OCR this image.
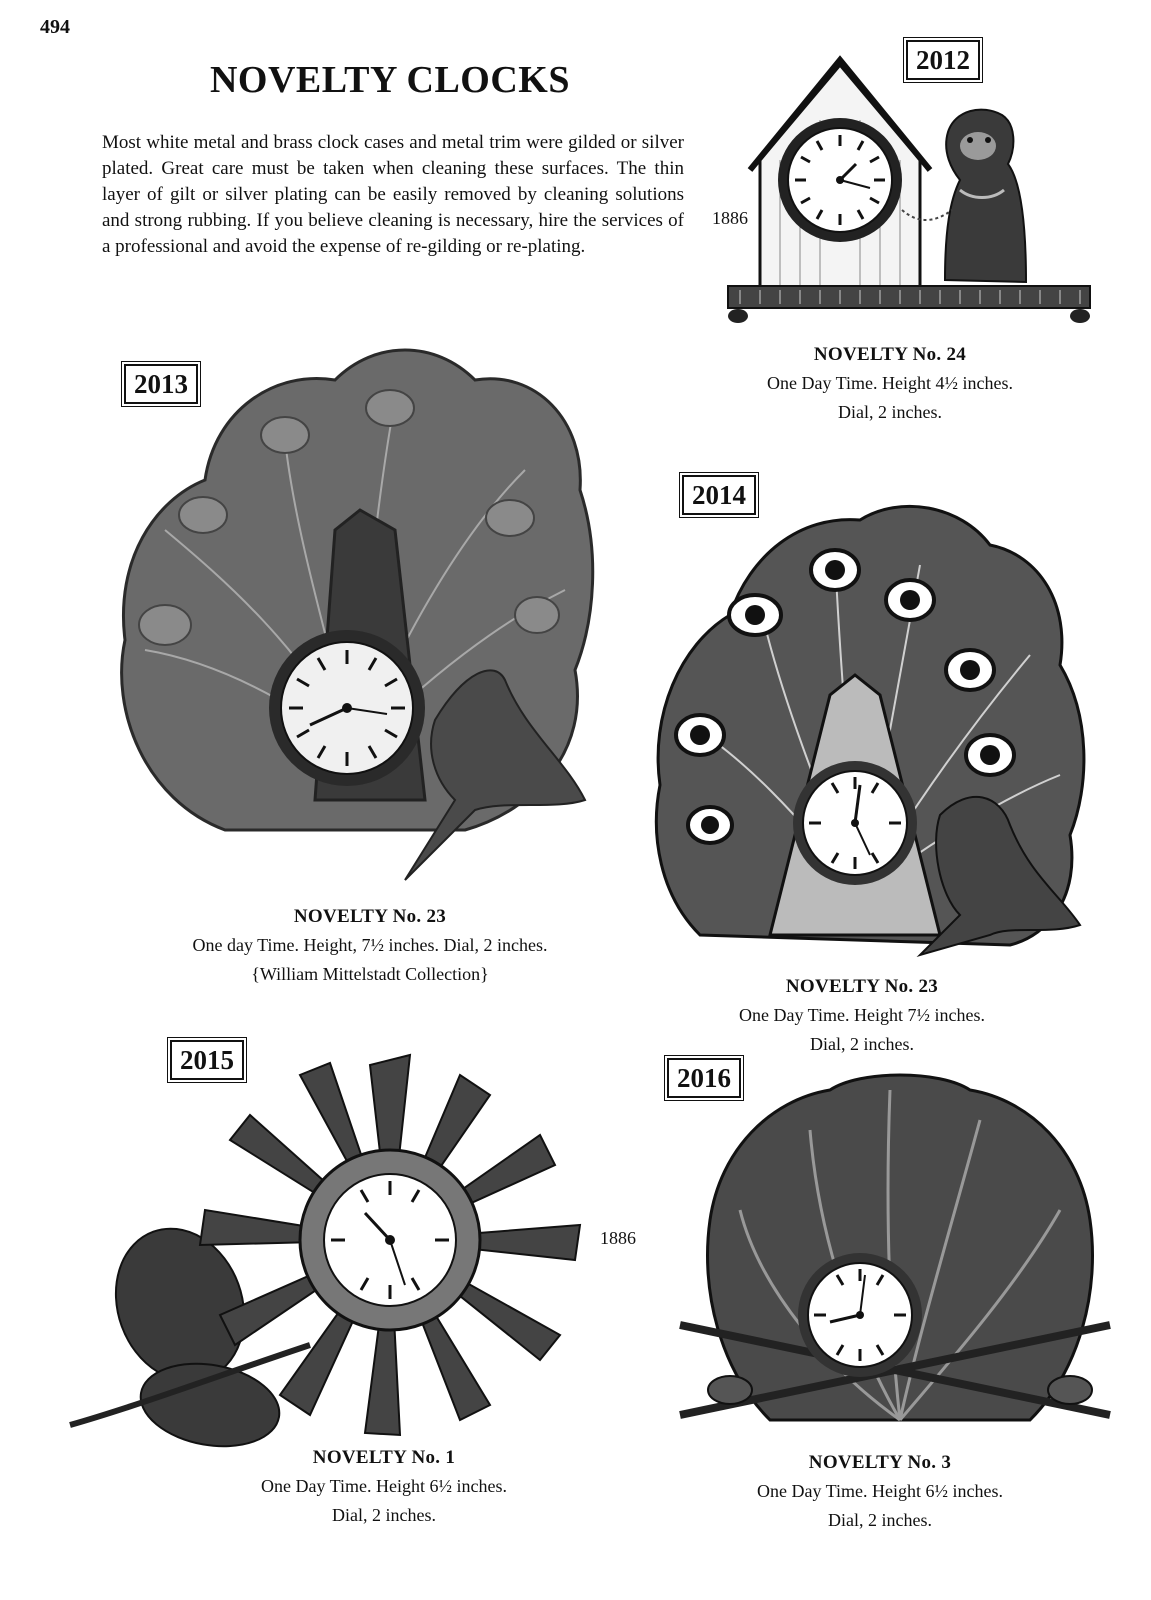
494
NOVELTY CLOCKS

Most white metal and brass clock cases and metal trim were gilded or silver plated. Great care must be taken when cleaning these surfaces. The thin layer of gilt or silver plating can be easily removed by cleaning solutions and strong rubbing. If you believe cleaning is necessary, hire the services of a professional and avoid the expense of re-gilding or re-plating.

2012
1886
NOVELTY No. 24
One Day Time. Height 4½ inches.
Dial, 2 inches.
2013
NOVELTY No. 23
One day Time. Height, 7½ inches. Dial, 2 inches.
{William Mittelstadt Collection}
2014
NOVELTY No. 23
One Day Time. Height 7½ inches.
Dial, 2 inches.
2015
1886
NOVELTY No. 1
One Day Time. Height 6½ inches.
Dial, 2 inches.
2016
NOVELTY No. 3
One Day Time. Height 6½ inches.
Dial, 2 inches.
